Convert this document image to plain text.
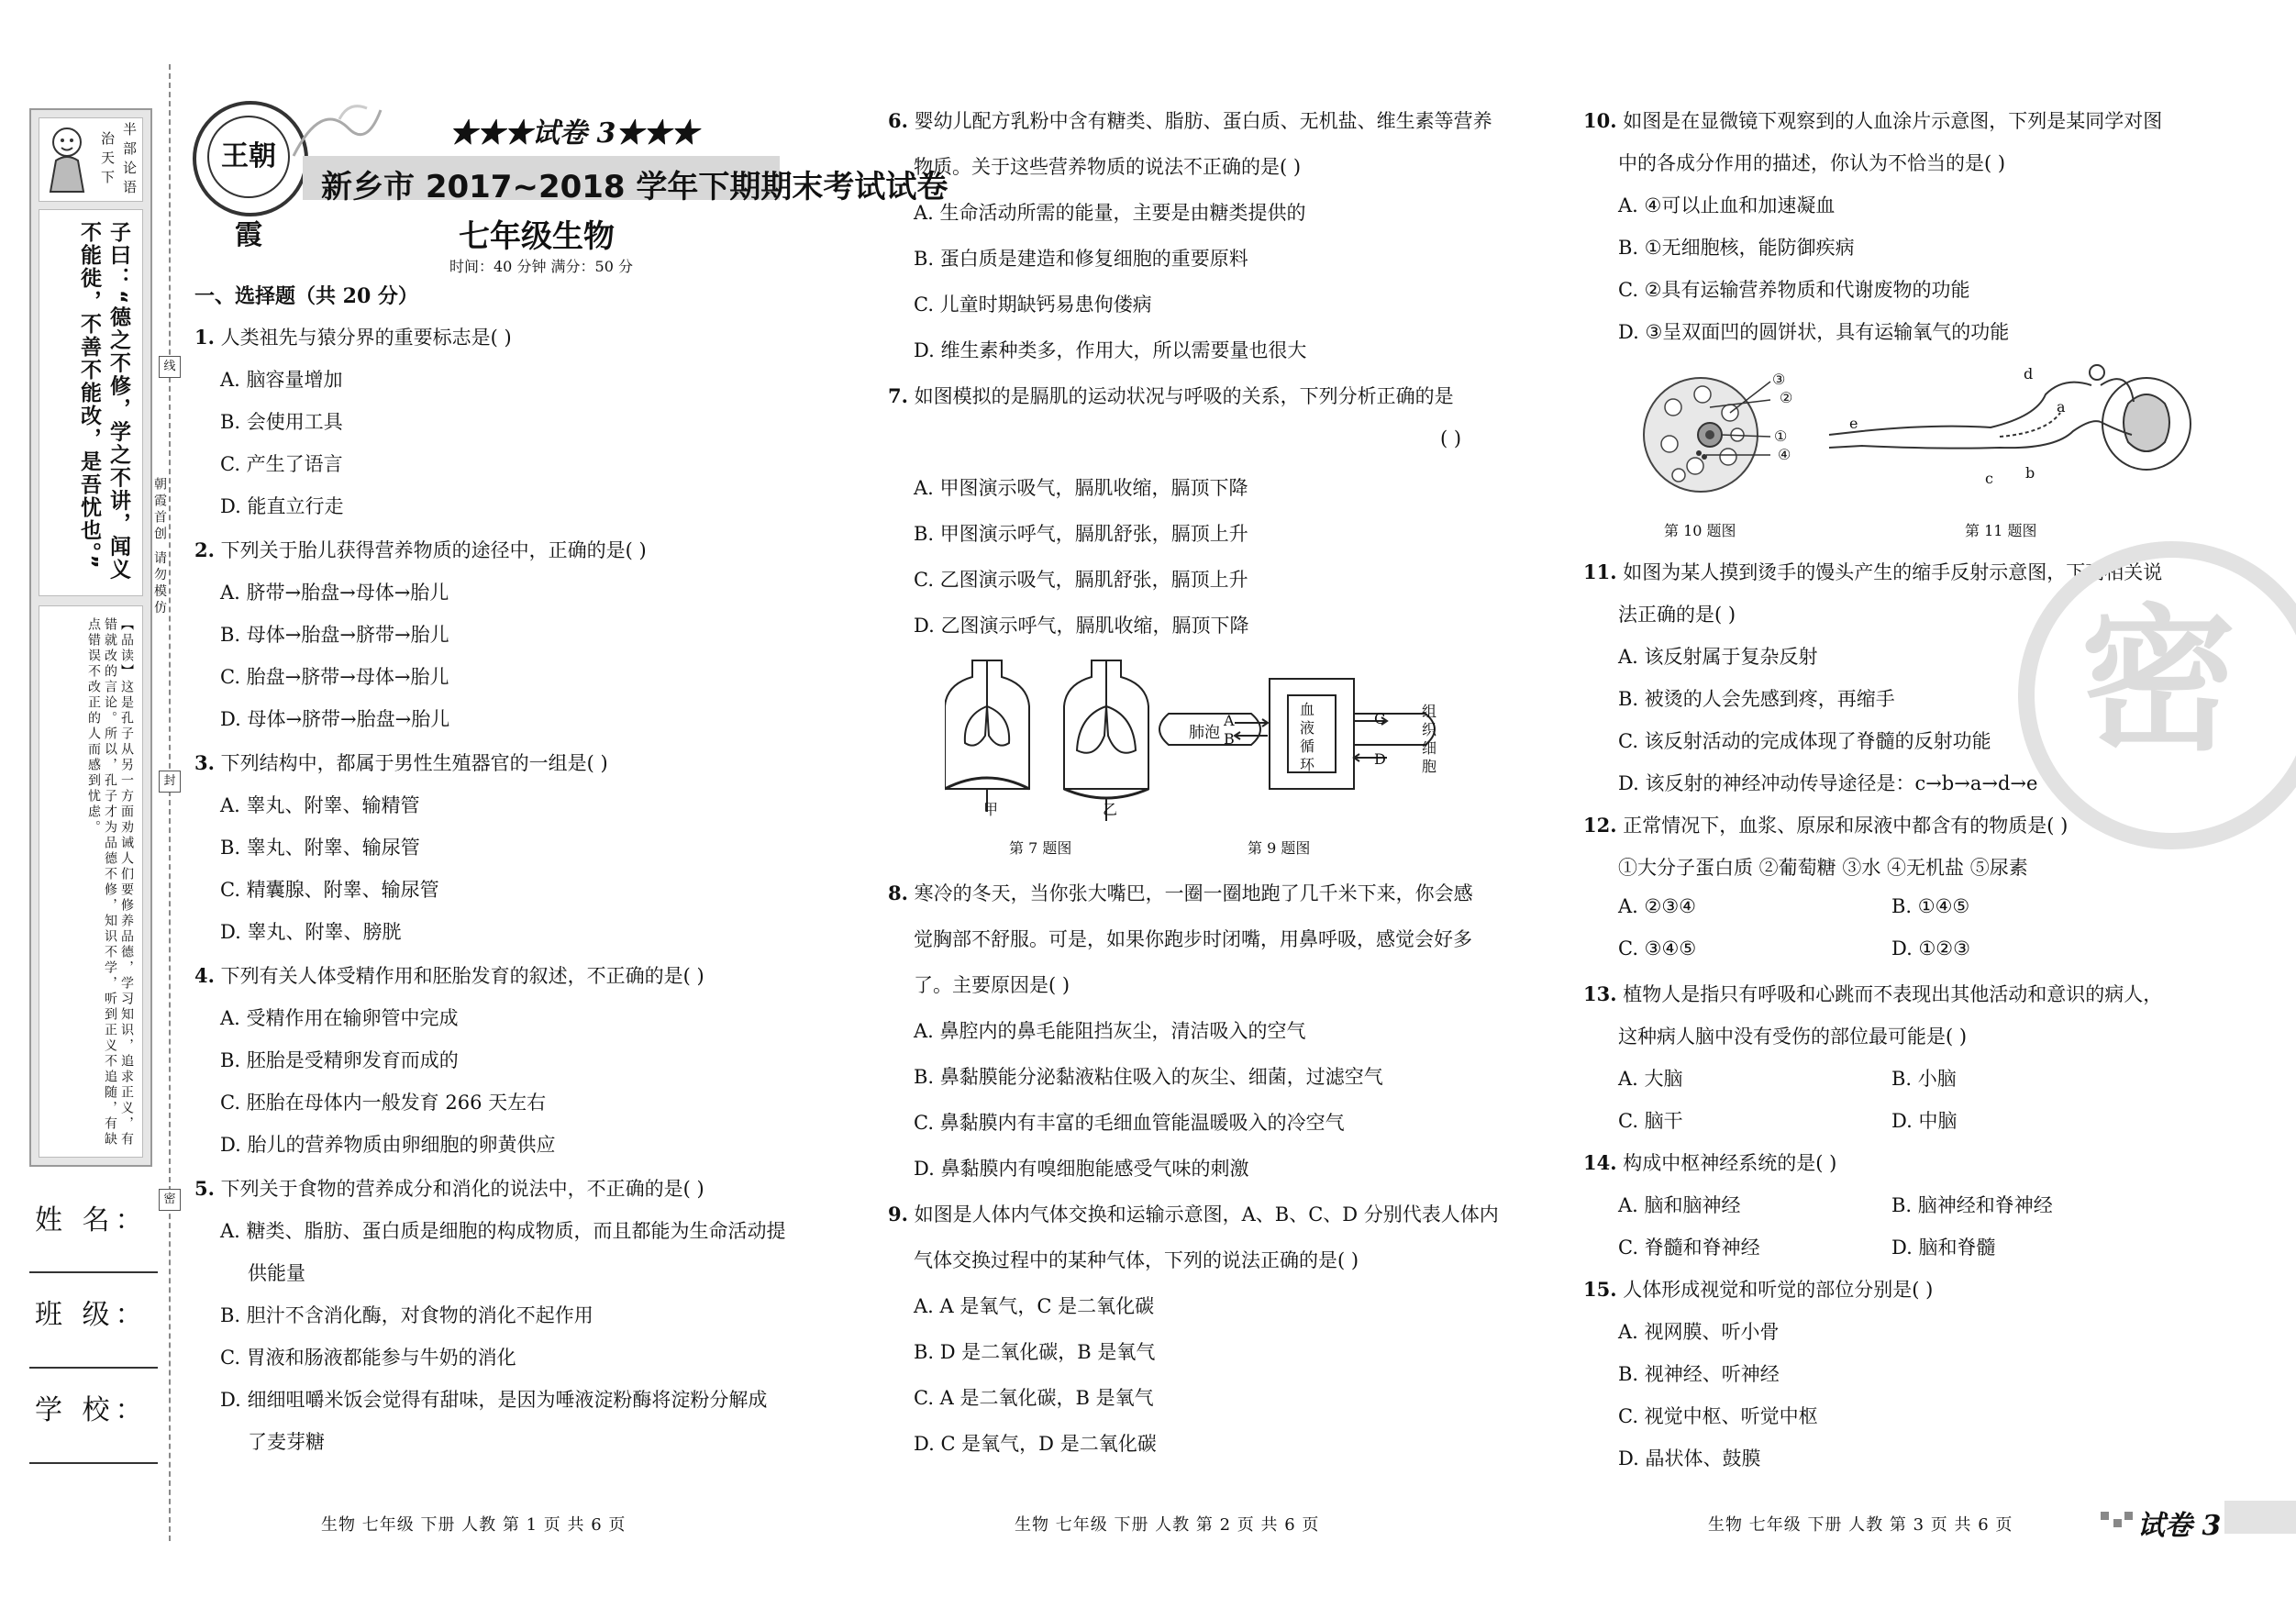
半部论语
治天下
子曰：“德之不修，学之不讲，闻义不能徙，不善不能改，是吾忧也。”
【品读】这是孔子从另一方面劝诫人们要修养品德，学习知识，追求正义，有错就改的言论。所以，孔子才为品德不修，知识不学，听到正义不追随，有缺点错误不改正的人而感到忧虑。
朝霞首创 请勿模仿
线
封
密
姓 名：
班 级：
学 校：
王朝霞
★★★试卷 3★★★
新乡市 2017~2018 学年下期期末考试试卷
七年级生物
时间：40 分钟 满分：50 分
一、选择题（共 20 分）
1. 人类祖先与猿分界的重要标志是( )
A. 脑容量增加
B. 会使用工具
C. 产生了语言
D. 能直立行走
2. 下列关于胎儿获得营养物质的途径中，正确的是( )
A. 脐带→胎盘→母体→胎儿
B. 母体→胎盘→脐带→胎儿
C. 胎盘→脐带→母体→胎儿
D. 母体→脐带→胎盘→胎儿
3. 下列结构中，都属于男性生殖器官的一组是( )
A. 睾丸、附睾、输精管
B. 睾丸、附睾、输尿管
C. 精囊腺、附睾、输尿管
D. 睾丸、附睾、膀胱
4. 下列有关人体受精作用和胚胎发育的叙述，不正确的是( )
A. 受精作用在输卵管中完成
B. 胚胎是受精卵发育而成的
C. 胚胎在母体内一般发育 266 天左右
D. 胎儿的营养物质由卵细胞的卵黄供应
5. 下列关于食物的营养成分和消化的说法中，不正确的是( )
A. 糖类、脂肪、蛋白质是细胞的构成物质，而且都能为生命活动提
供能量
B. 胆汁不含消化酶，对食物的消化不起作用
C. 胃液和肠液都能参与牛奶的消化
D. 细细咀嚼米饭会觉得有甜味，是因为唾液淀粉酶将淀粉分解成
了麦芽糖
生物 七年级 下册 人教 第 1 页 共 6 页
6. 婴幼儿配方乳粉中含有糖类、脂肪、蛋白质、无机盐、维生素等营养
物质。关于这些营养物质的说法不正确的是( )
A. 生命活动所需的能量，主要是由糖类提供的
B. 蛋白质是建造和修复细胞的重要原料
C. 儿童时期缺钙易患佝偻病
D. 维生素种类多，作用大，所以需要量也很大
7. 如图模拟的是膈肌的运动状况与呼吸的关系，下列分析正确的是
( )
A. 甲图演示吸气，膈肌收缩，膈顶下降
B. 甲图演示呼气，膈肌舒张，膈顶上升
C. 乙图演示吸气，膈肌舒张，膈顶上升
D. 乙图演示呼气，膈肌收缩，膈顶下降
甲	乙
第 7 题图
肺泡
A
B
C
D
血
液
循
环
组
织
细
胞
第 9 题图
8. 寒冷的冬天，当你张大嘴巴，一圈一圈地跑了几千米下来，你会感
觉胸部不舒服。可是，如果你跑步时闭嘴，用鼻呼吸，感觉会好多
了。主要原因是( )
A. 鼻腔内的鼻毛能阻挡灰尘，清洁吸入的空气
B. 鼻黏膜能分泌黏液粘住吸入的灰尘、细菌，过滤空气
C. 鼻黏膜内有丰富的毛细血管能温暖吸入的冷空气
D. 鼻黏膜内有嗅细胞能感受气味的刺激
9. 如图是人体内气体交换和运输示意图，A、B、C、D 分别代表人体内
气体交换过程中的某种气体，下列的说法正确的是( )
A. A 是氧气，C 是二氧化碳
B. D 是二氧化碳，B 是氧气
C. A 是二氧化碳，B 是氧气
D. C 是氧气，D 是二氧化碳
生物 七年级 下册 人教 第 2 页 共 6 页
10. 如图是在显微镜下观察到的人血涂片示意图，下列是某同学对图
中的各成分作用的描述，你认为不恰当的是( )
A. ④可以止血和加速凝血
B. ①无细胞核，能防御疾病
C. ②具有运输营养物质和代谢废物的功能
D. ③呈双面凹的圆饼状，具有运输氧气的功能
③
②
①
④
第 10 题图
d
a
b
c
e
第 11 题图
11. 如图为某人摸到烫手的馒头产生的缩手反射示意图，下列相关说
法正确的是( )
A. 该反射属于复杂反射
B. 被烫的人会先感到疼，再缩手
C. 该反射活动的完成体现了脊髓的反射功能
D. 该反射的神经冲动传导途径是：c→b→a→d→e
12. 正常情况下，血浆、原尿和尿液中都含有的物质是( )
①大分子蛋白质 ②葡萄糖 ③水 ④无机盐 ⑤尿素
A. ②③④	B. ①④⑤
C. ③④⑤	D. ①②③
13. 植物人是指只有呼吸和心跳而不表现出其他活动和意识的病人，
这种病人脑中没有受伤的部位最可能是( )
A. 大脑	B. 小脑
C. 脑干	D. 中脑
14. 构成中枢神经系统的是( )
A. 脑和脑神经	B. 脑神经和脊神经
C. 脊髓和脊神经	D. 脑和脊髓
15. 人体形成视觉和听觉的部位分别是( )
A. 视网膜、听小骨
B. 视神经、听神经
C. 视觉中枢、听觉中枢
D. 晶状体、鼓膜
密
生物 七年级 下册 人教 第 3 页 共 6 页	试卷 3
